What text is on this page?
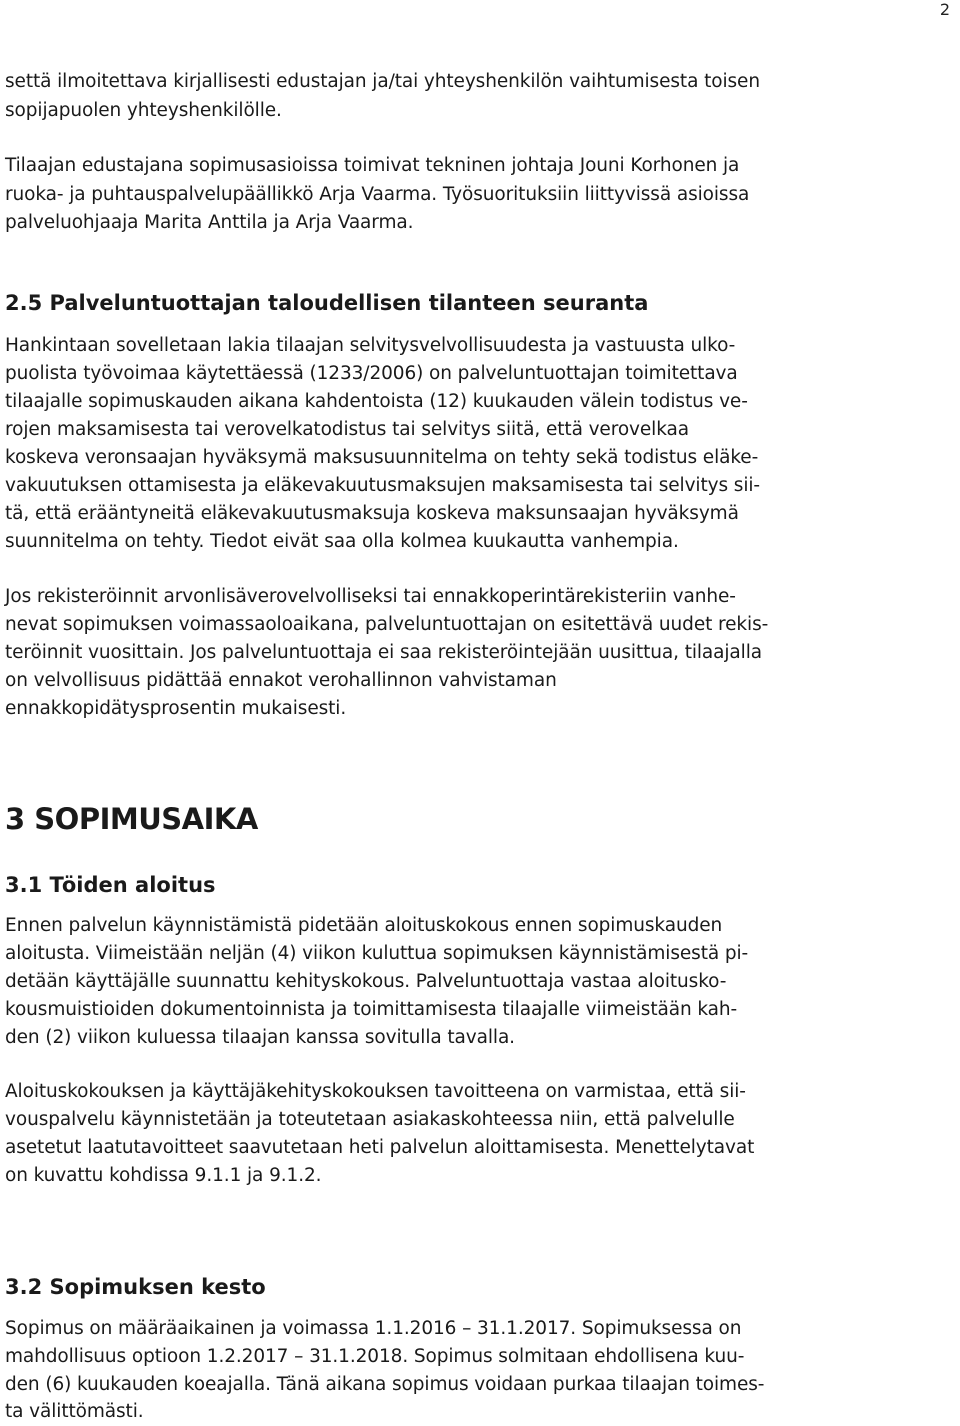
2
settä ilmoitettava kirjallisesti edustajan ja/tai yhteyshenkilön vaihtumisesta toisen
sopijapuolen yhteyshenkilölle.
Tilaajan edustajana sopimusasioissa toimivat tekninen johtaja Jouni Korhonen ja
ruoka- ja puhtauspalvelupäällikkö Arja Vaarma. Työsuorituksiin liittyvissä asioissa
palveluohjaaja Marita Anttila ja Arja Vaarma.
2.5 Palveluntuottajan taloudellisen tilanteen seuranta
Hankintaan sovelletaan lakia tilaajan selvitysvelvollisuudesta ja vastuusta ulko-
puolista työvoimaa käytettäessä (1233/2006) on palveluntuottajan toimitettava
tilaajalle sopimuskauden aikana kahdentoista (12) kuukauden välein todistus ve-
rojen maksamisesta tai verovelkatodistus tai selvitys siitä, että verovelkaa
koskeva veronsaajan hyväksymä maksusuunnitelma on tehty sekä todistus eläke-
vakuutuksen ottamisesta ja eläkevakuutusmaksujen maksamisesta tai selvitys sii-
tä, että erääntyneitä eläkevakuutusmaksuja koskeva maksunsaajan hyväksymä
suunnitelma on tehty. Tiedot eivät saa olla kolmea kuukautta vanhempia.
Jos rekisteröinnit arvonlisäverovelvolliseksi tai ennakkoperintärekisteriin vanhe-
nevat sopimuksen voimassaoloaikana, palveluntuottajan on esitettävä uudet rekis-
teröinnit vuosittain. Jos palveluntuottaja ei saa rekisteröintejään uusittua, tilaajalla
on velvollisuus pidättää ennakot verohallinnon vahvistaman
ennakkopidätysprosentin mukaisesti.
3 SOPIMUSAIKA
3.1 Töiden aloitus
Ennen palvelun käynnistämistä pidetään aloituskokous ennen sopimuskauden
aloitusta. Viimeistään neljän (4) viikon kuluttua sopimuksen käynnistämisestä pi-
detään käyttäjälle suunnattu kehityskokous. Palveluntuottaja vastaa aloitusko-
kousmuistioiden dokumentoinnista ja toimittamisesta tilaajalle viimeistään kah-
den (2) viikon kuluessa tilaajan kanssa sovitulla tavalla.
Aloituskokouksen ja käyttäjäkehityskokouksen tavoitteena on varmistaa, että sii-
vouspalvelu käynnistetään ja toteutetaan asiakaskohteessa niin, että palvelulle
asetetut laatutavoitteet saavutetaan heti palvelun aloittamisesta. Menettelytavat
on kuvattu kohdissa 9.1.1 ja 9.1.2.
3.2 Sopimuksen kesto
Sopimus on määräaikainen ja voimassa 1.1.2016 – 31.1.2017. Sopimuksessa on
mahdollisuus optioon 1.2.2017 – 31.1.2018. Sopimus solmitaan ehdollisena kuu-
den (6) kuukauden koeajalla. Tänä aikana sopimus voidaan purkaa tilaajan toimes-
ta välittömästi.
